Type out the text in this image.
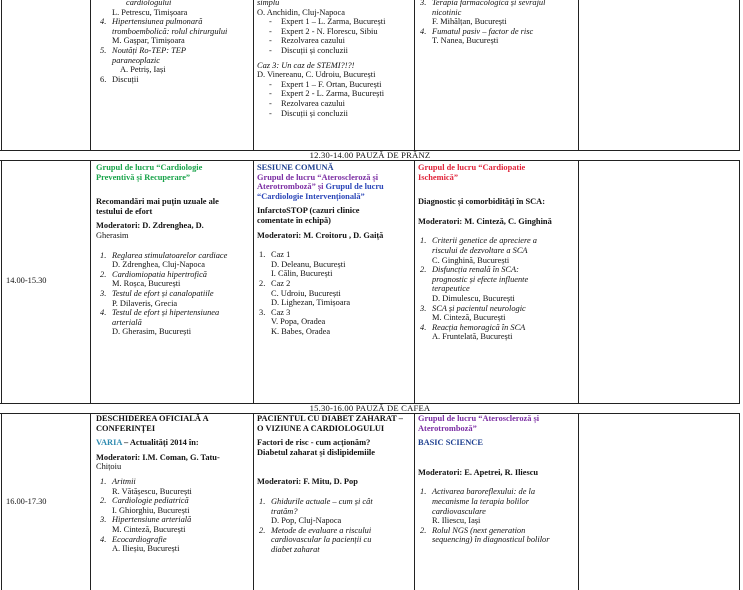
12.30-14.00 PAUZĂ DE PRÂNZ
15.30-16.00 PAUZĂ DE CAFEA
14.00-15.30
16.00-17.30
cardiologului
L. Petrescu, Timișoara
4. Hipertensiunea pulmonară
tromboembolică: rolul chirurgului
M. Gașpar, Timișoara
5. Noutăți Ro-TEP: TEP
paraneoplazic
A. Petriș, Iași
6. Discuții
simplu
O. Anchidin, Cluj-Napoca
- Expert 1 – L. Zarma, București
- Expert 2 - N. Florescu, Sibiu
- Rezolvarea cazului
- Discuții și concluzii
Caz 3: Un caz de STEMI?!?!
D. Vinereanu, C. Udroiu, București
- Expert 1 – F. Ortan, București
- Expert 2 - L. Zarma, București
- Rezolvarea cazului
- Discuții și concluzii
3. Terapia farmacologică și sevrajul
nicotinic
F. Mihălțan, București
4. Fumatul pasiv – factor de risc
T. Nanea, București
Grupul de lucru “Cardiologie
Preventivă și Recuperare”
Recomandări mai puțin uzuale ale
testului de efort
Moderatori: D. Zdrenghea, D.
Gherasim
1. Reglarea stimulatoarelor cardiace
D. Zdrenghea, Cluj-Napoca
2. Cardiomiopatia hipertrofică
M. Roșca, București
3. Testul de efort și canalopatiile
P. Dilaveris, Grecia
4. Testul de efort și hipertensiunea
arterială
D. Gherasim, București
SESIUNE COMUNĂ
Grupul de lucru “Ateroscleroză și
Aterotromboză” și Grupul de lucru
“Cardiologie Intervențională”
InfarctoSTOP (cazuri clinice
comentate în echipă)
Moderatori: M. Croitoru , D. Gaiță
1. Caz 1
D. Deleanu, București
I. Călin, București
2. Caz 2
C. Udroiu, București
D. Lighezan, Timișoara
3. Caz 3
V. Popa, Oradea
K. Babes, Oradea
Grupul de lucru “Cardiopatie
Ischemică”
Diagnostic și comorbidități în SCA:
Moderatori: M. Cinteză, C. Ginghină
1. Criterii genetice de apreciere a
riscului de dezvoltare a SCA
C. Ginghină, București
2. Disfuncția renală în SCA:
prognostic și efecte influente
terapeutice
D. Dimulescu, București
3. SCA și pacientul neurologic
M. Cinteză, București
4. Reacția hemoragică în SCA
A. Fruntelată, București
DESCHIDEREA OFICIALĂ A
CONFERINȚEI
VARIA – Actualități 2014 în:
Moderatori: I.M. Coman, G. Tatu-
Chițoiu
1. Aritmii
R. Vătășescu, București
2. Cardiologie pediatrică
I. Ghiorghiu, București
3. Hipertensiune arterială
M. Cinteză, București
4. Ecocardiografie
A. Ilieșiu, București
PACIENTUL CU DIABET ZAHARAT –
O VIZIUNE A CARDIOLOGULUI
Factori de risc - cum acționăm?
Diabetul zaharat și dislipidemiile
Moderatori: F. Mitu, D. Pop
1. Ghidurile actuale – cum și cât
tratăm?
D. Pop, Cluj-Napoca
2. Metode de evaluare a riscului
cardiovascular la pacienții cu
diabet zaharat
Grupul de lucru “Ateroscleroză și
Aterotromboză”
BASIC SCIENCE
Moderatori: E. Apetrei, R. Iliescu
1. Activarea baroreflexului: de la
mecanisme la terapia bolilor
cardiovasculare
R. Iliescu, Iași
2. Rolul NGS (next generation
sequencing) în diagnosticul bolilor
